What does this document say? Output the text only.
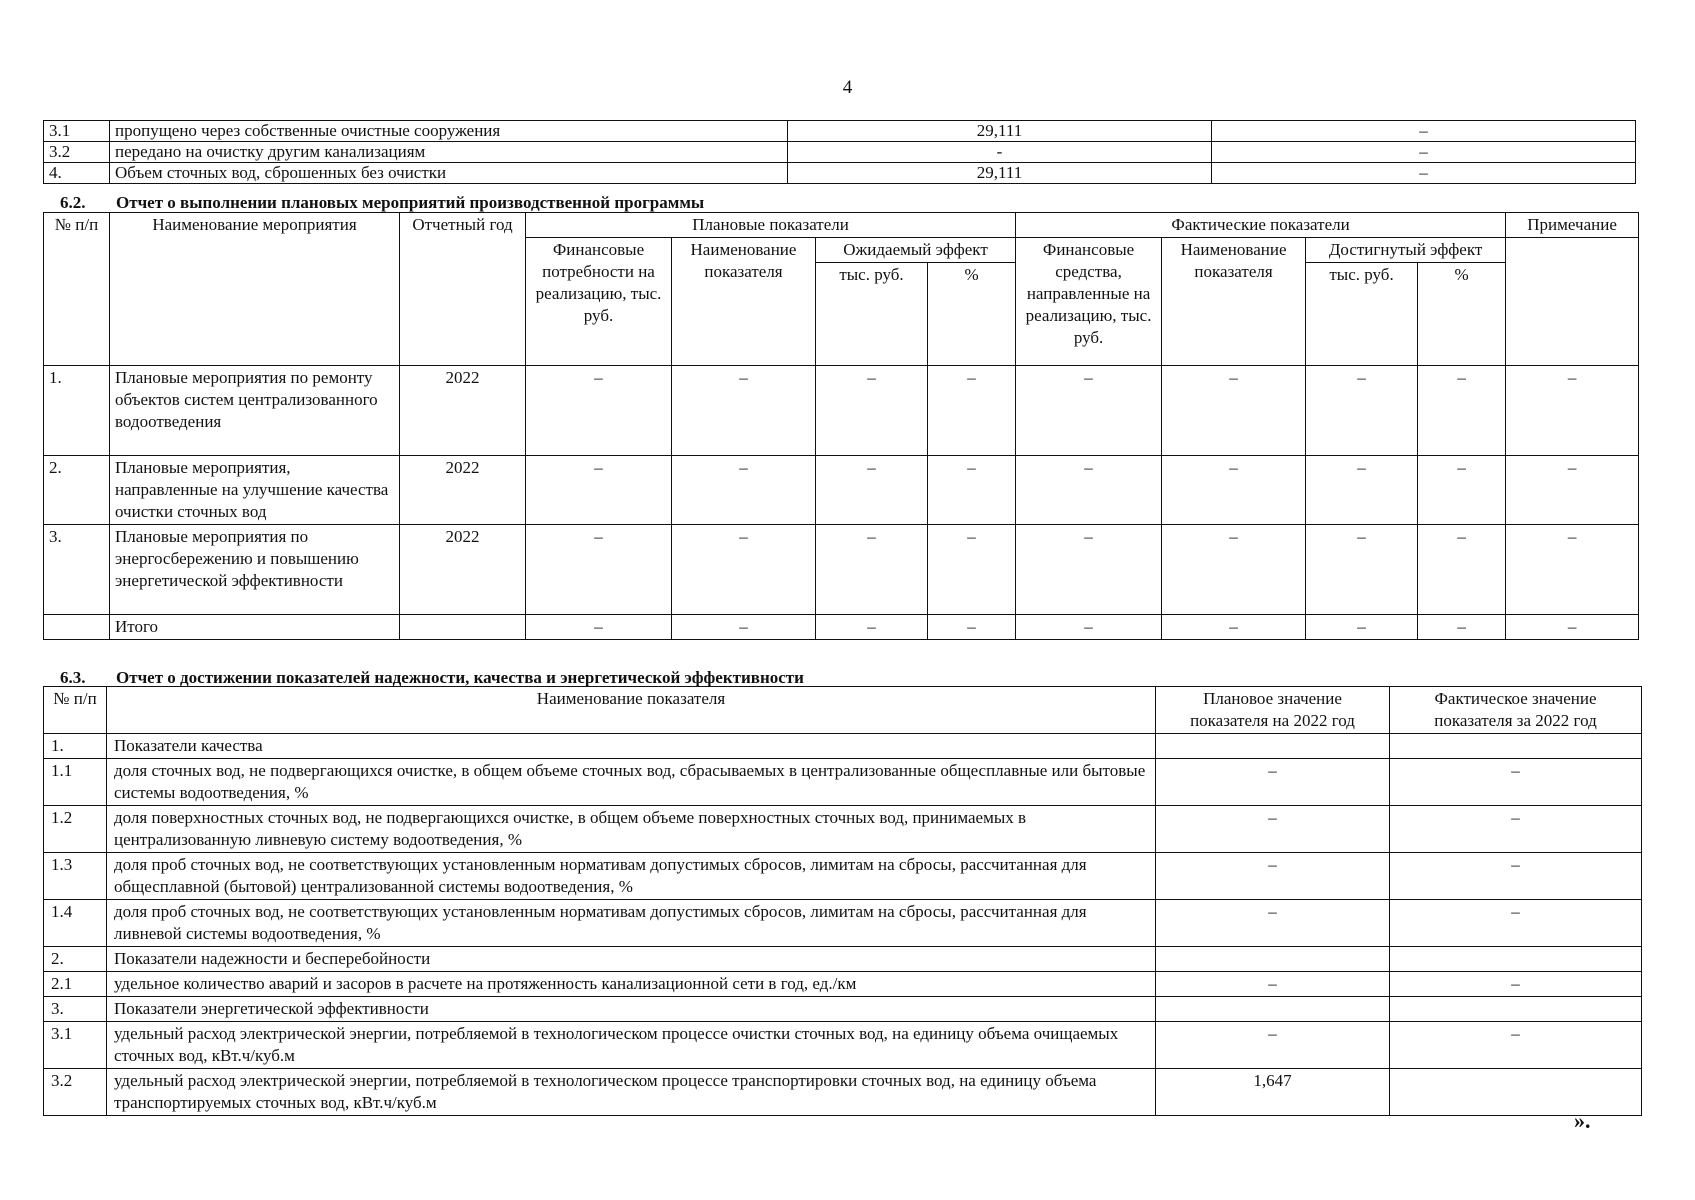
4
3.1	пропущено через собственные очистные сооружения	29,111	–
3.2	передано на очистку другим канализациям	-	–
4.	Объем сточных вод, сброшенных без очистки	29,111	–
6.2. Отчет о выполнении плановых мероприятий производственной программы
№ п/п	Наименование мероприятия	Отчетный год	Плановые показатели				Фактические показатели				Примечание
			Финансовые потребности на реализацию, тыс. руб.	Наименование показателя	Ожидаемый эффект		Финансовые средства, направленные на реализацию, тыс. руб.	Наименование показателя	Достигнутый эффект		
					тыс. руб.	%			тыс. руб.	%	
1.	Плановые мероприятия по ремонту объектов систем централизованного водоотведения	2022	–	–	–	–	–	–	–	–	–
2.	Плановые мероприятия, направленные на улучшение качества очистки сточных вод	2022	–	–	–	–	–	–	–	–	–
3.	Плановые мероприятия по энергосбережению и повышению энергетической эффективности	2022	–	–	–	–	–	–	–	–	–
	Итого		–	–	–	–	–	–	–	–	–
6.3. Отчет о достижении показателей надежности, качества и энергетической эффективности
№ п/п	Наименование показателя	Плановое значение показателя на 2022 год	Фактическое значение показателя за 2022 год
1.	Показатели качества		
1.1	доля сточных вод, не подвергающихся очистке, в общем объеме сточных вод, сбрасываемых в централизованные общесплавные или бытовые системы водоотведения, %	–	–
1.2	доля поверхностных сточных вод, не подвергающихся очистке, в общем объеме поверхностных сточных вод, принимаемых в централизованную ливневую систему водоотведения, %	–	–
1.3	доля проб сточных вод, не соответствующих установленным нормативам допустимых сбросов, лимитам на сбросы, рассчитанная для общесплавной (бытовой) централизованной системы водоотведения, %	–	–
1.4	доля проб сточных вод, не соответствующих установленным нормативам допустимых сбросов, лимитам на сбросы, рассчитанная для ливневой системы водоотведения, %	–	–
2.	Показатели надежности и бесперебойности		
2.1	удельное количество аварий и засоров в расчете на протяженность канализационной сети в год, ед./км	–	–
3.	Показатели энергетической эффективности		
3.1	удельный расход электрической энергии, потребляемой в технологическом процессе очистки сточных вод, на единицу объема очищаемых сточных вод, кВт.ч/куб.м	–	–
3.2	удельный расход электрической энергии, потребляемой в технологическом процессе транспортировки сточных вод, на единицу объема транспортируемых сточных вод, кВт.ч/куб.м	1,647	
».
